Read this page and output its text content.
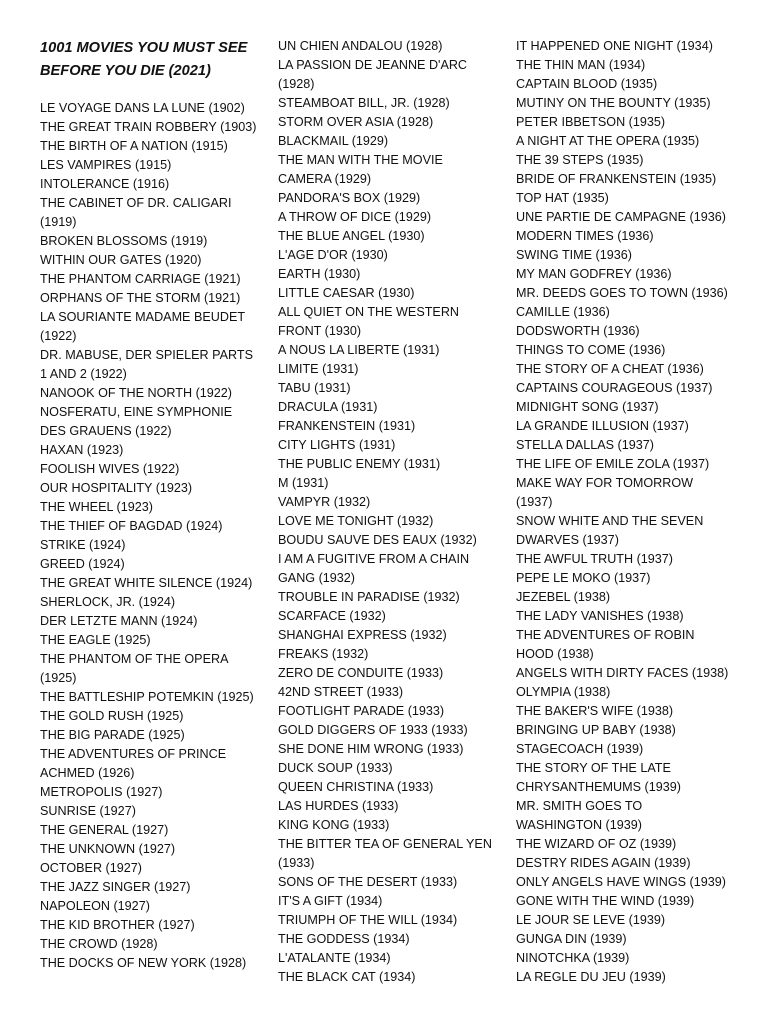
1001 MOVIES YOU MUST SEE
BEFORE YOU DIE (2021)
LE VOYAGE DANS LA LUNE (1902)
THE GREAT TRAIN ROBBERY (1903)
THE BIRTH OF A NATION (1915)
LES VAMPIRES (1915)
INTOLERANCE (1916)
THE CABINET OF DR. CALIGARI
(1919)
BROKEN BLOSSOMS (1919)
WITHIN OUR GATES (1920)
THE PHANTOM CARRIAGE (1921)
ORPHANS OF THE STORM (1921)
LA SOURIANTE MADAME BEUDET
(1922)
DR. MABUSE, DER SPIELER PARTS
1 AND 2 (1922)
NANOOK OF THE NORTH (1922)
NOSFERATU, EINE SYMPHONIE
DES GRAUENS (1922)
HAXAN (1923)
FOOLISH WIVES (1922)
OUR HOSPITALITY (1923)
THE WHEEL (1923)
THE THIEF OF BAGDAD (1924)
STRIKE (1924)
GREED (1924)
THE GREAT WHITE SILENCE (1924)
SHERLOCK, JR. (1924)
DER LETZTE MANN (1924)
THE EAGLE (1925)
THE PHANTOM OF THE OPERA
(1925)
THE BATTLESHIP POTEMKIN (1925)
THE GOLD RUSH (1925)
THE BIG PARADE (1925)
THE ADVENTURES OF PRINCE
ACHMED (1926)
METROPOLIS (1927)
SUNRISE (1927)
THE GENERAL (1927)
THE UNKNOWN (1927)
OCTOBER (1927)
THE JAZZ SINGER (1927)
NAPOLEON (1927)
THE KID BROTHER (1927)
THE CROWD (1928)
THE DOCKS OF NEW YORK (1928)
UN CHIEN ANDALOU (1928)
LA PASSION DE JEANNE D'ARC
(1928)
STEAMBOAT BILL, JR. (1928)
STORM OVER ASIA (1928)
BLACKMAIL (1929)
THE MAN WITH THE MOVIE
CAMERA (1929)
PANDORA'S BOX (1929)
A THROW OF DICE (1929)
THE BLUE ANGEL (1930)
L'AGE D'OR (1930)
EARTH (1930)
LITTLE CAESAR (1930)
ALL QUIET ON THE WESTERN
FRONT (1930)
A NOUS LA LIBERTE (1931)
LIMITE (1931)
TABU (1931)
DRACULA (1931)
FRANKENSTEIN (1931)
CITY LIGHTS (1931)
THE PUBLIC ENEMY (1931)
M (1931)
VAMPYR (1932)
LOVE ME TONIGHT (1932)
BOUDU SAUVE DES EAUX (1932)
I AM A FUGITIVE FROM A CHAIN
GANG (1932)
TROUBLE IN PARADISE (1932)
SCARFACE (1932)
SHANGHAI EXPRESS (1932)
FREAKS (1932)
ZERO DE CONDUITE (1933)
42ND STREET (1933)
FOOTLIGHT PARADE (1933)
GOLD DIGGERS OF 1933 (1933)
SHE DONE HIM WRONG (1933)
DUCK SOUP (1933)
QUEEN CHRISTINA (1933)
LAS HURDES (1933)
KING KONG (1933)
THE BITTER TEA OF GENERAL YEN
(1933)
SONS OF THE DESERT (1933)
IT'S A GIFT (1934)
TRIUMPH OF THE WILL (1934)
THE GODDESS (1934)
L'ATALANTE (1934)
THE BLACK CAT (1934)
IT HAPPENED ONE NIGHT (1934)
THE THIN MAN (1934)
CAPTAIN BLOOD (1935)
MUTINY ON THE BOUNTY (1935)
PETER IBBETSON (1935)
A NIGHT AT THE OPERA (1935)
THE 39 STEPS (1935)
BRIDE OF FRANKENSTEIN (1935)
TOP HAT (1935)
UNE PARTIE DE CAMPAGNE (1936)
MODERN TIMES (1936)
SWING TIME (1936)
MY MAN GODFREY (1936)
MR. DEEDS GOES TO TOWN (1936)
CAMILLE (1936)
DODSWORTH (1936)
THINGS TO COME (1936)
THE STORY OF A CHEAT (1936)
CAPTAINS COURAGEOUS (1937)
MIDNIGHT SONG (1937)
LA GRANDE ILLUSION (1937)
STELLA DALLAS (1937)
THE LIFE OF EMILE ZOLA (1937)
MAKE WAY FOR TOMORROW
(1937)
SNOW WHITE AND THE SEVEN
DWARVES (1937)
THE AWFUL TRUTH (1937)
PEPE LE MOKO (1937)
JEZEBEL (1938)
THE LADY VANISHES (1938)
THE ADVENTURES OF ROBIN
HOOD (1938)
ANGELS WITH DIRTY FACES (1938)
OLYMPIA (1938)
THE BAKER'S WIFE (1938)
BRINGING UP BABY (1938)
STAGECOACH (1939)
THE STORY OF THE LATE
CHRYSANTHEMUMS (1939)
MR. SMITH GOES TO
WASHINGTON (1939)
THE WIZARD OF OZ (1939)
DESTRY RIDES AGAIN (1939)
ONLY ANGELS HAVE WINGS (1939)
GONE WITH THE WIND (1939)
LE JOUR SE LEVE (1939)
GUNGA DIN (1939)
NINOTCHKA (1939)
LA REGLE DU JEU (1939)
